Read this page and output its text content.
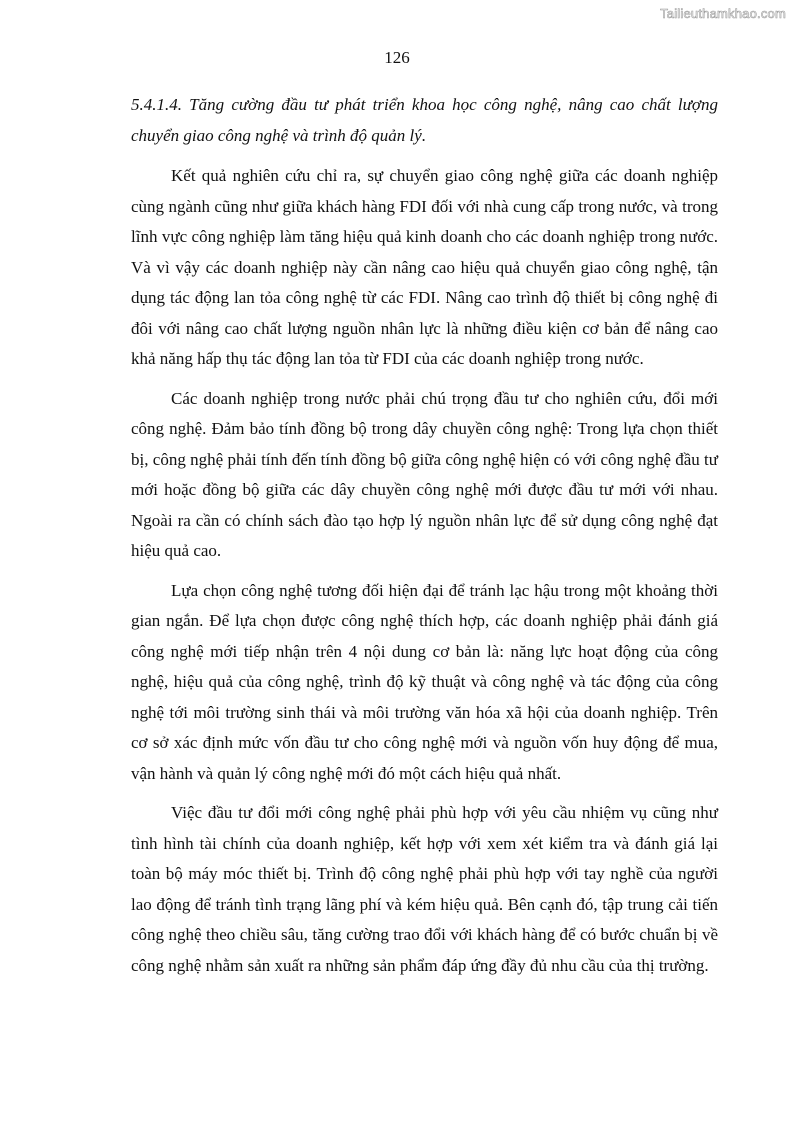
Tailieuthamkhao.com
126

5.4.1.4. Tăng cường đầu tư phát triển khoa học công nghệ, nâng cao chất lượng chuyển giao công nghệ và trình độ quản lý.

Kết quả nghiên cứu chỉ ra, sự chuyển giao công nghệ giữa các doanh nghiệp cùng ngành cũng như giữa khách hàng FDI đối với nhà cung cấp trong nước, và trong lĩnh vực công nghiệp làm tăng hiệu quả kinh doanh cho các doanh nghiệp trong nước. Và vì vậy các doanh nghiệp này cần nâng cao hiệu quả chuyển giao công nghệ, tận dụng tác động lan tỏa công nghệ từ các FDI. Nâng cao trình độ thiết bị công nghệ đi đôi với nâng cao chất lượng nguồn nhân lực là những điều kiện cơ bản để nâng cao khả năng hấp thụ tác động lan tỏa từ FDI của các doanh nghiệp trong nước.

Các doanh nghiệp trong nước phải chú trọng đầu tư cho nghiên cứu, đổi mới công nghệ. Đảm bảo tính đồng bộ trong dây chuyền công nghệ: Trong lựa chọn thiết bị, công nghệ phải tính đến tính đồng bộ giữa công nghệ hiện có với công nghệ đầu tư mới hoặc đồng bộ giữa các dây chuyền công nghệ mới được đầu tư mới với nhau. Ngoài ra cần có chính sách đào tạo hợp lý nguồn nhân lực để sử dụng công nghệ đạt hiệu quả cao.

Lựa chọn công nghệ tương đối hiện đại để tránh lạc hậu trong một khoảng thời gian ngắn. Để lựa chọn được công nghệ thích hợp, các doanh nghiệp phải đánh giá công nghệ mới tiếp nhận trên 4 nội dung cơ bản là: năng lực hoạt động của công nghệ, hiệu quả của công nghệ, trình độ kỹ thuật và công nghệ và tác động của công nghệ tới môi trường sinh thái và môi trường văn hóa xã hội của doanh nghiệp. Trên cơ sở xác định mức vốn đầu tư cho công nghệ mới và nguồn vốn huy động để mua, vận hành và quản lý công nghệ mới đó một cách hiệu quả nhất.

Việc đầu tư đổi mới công nghệ phải phù hợp với yêu cầu nhiệm vụ cũng như tình hình tài chính của doanh nghiệp, kết hợp với xem xét kiểm tra và đánh giá lại toàn bộ máy móc thiết bị. Trình độ công nghệ phải phù hợp với tay nghề của người lao động để tránh tình trạng lãng phí và kém hiệu quả. Bên cạnh đó, tập trung cải tiến công nghệ theo chiều sâu, tăng cường trao đổi với khách hàng để có bước chuẩn bị về công nghệ nhằm sản xuất ra những sản phẩm đáp ứng đầy đủ nhu cầu của thị trường.
